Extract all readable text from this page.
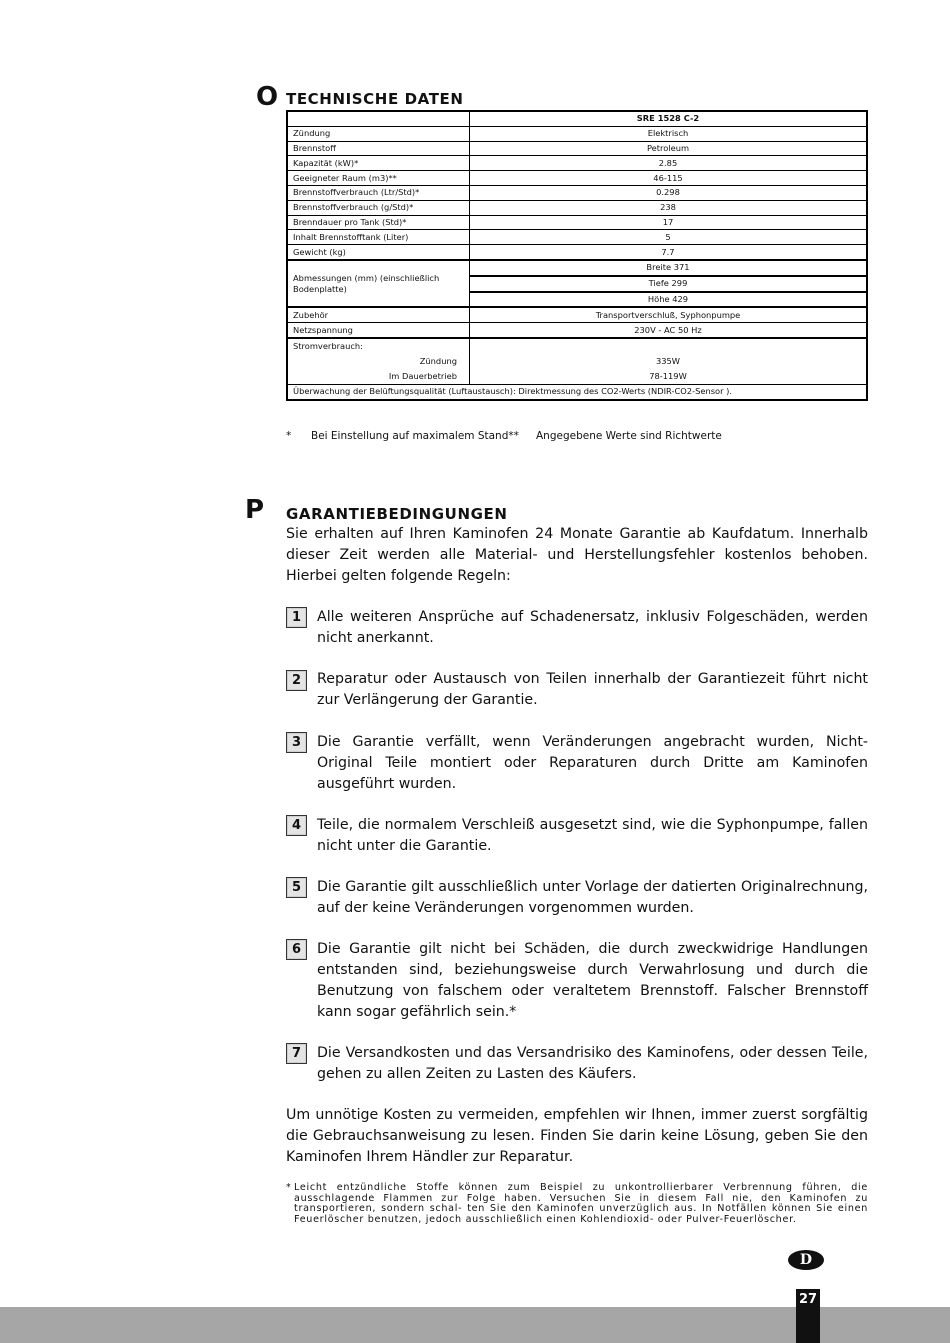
O TECHNISCHE DATEN
	SRE 1528 C-2
Zündung	Elektrisch
Brennstoff	Petroleum
Kapazität (kW)*	2.85
Geeigneter Raum (m3)**	46-115
Brennstoffverbrauch (Ltr/Std)*	0.298
Brennstoffverbrauch (g/Std)*	238
Brenndauer pro Tank (Std)*	17
Inhalt Brennstofftank (Liter)	5
Gewicht (kg)	7.7
Abmessungen (mm) (einschließlich Bodenplatte)	Breite 371
	Tiefe 299
	Höhe 429
Zubehör	Transportverschluß, Syphonpumpe
Netzspannung	230V - AC 50 Hz
Stromverbrauch:	
Zündung	335W
Im Dauerbetrieb	78-119W
Überwachung der Belüftungsqualität (Luftaustausch): Direktmessung des CO2-Werts (NDIR-CO2-Sensor ).	
* Bei Einstellung auf maximalem Stand** Angegebene Werte sind Richtwerte
P GARANTIEBEDINGUNGEN
Sie erhalten auf Ihren Kaminofen 24 Monate Garantie ab Kaufdatum. Innerhalb dieser Zeit werden alle Material- und Herstellungsfehler kostenlos behoben. Hierbei gelten folgende Regeln:
1	Alle weiteren Ansprüche auf Schadenersatz, inklusiv Folgeschäden, werden nicht anerkannt.
2	Reparatur oder Austausch von Teilen innerhalb der Garantiezeit führt nicht zur Verlängerung der Garantie.
3	Die Garantie verfällt, wenn Veränderungen angebracht wurden, Nicht- Original Teile montiert oder Reparaturen durch Dritte am Kaminofen ausgeführt wurden.
4	Teile, die normalem Verschleiß ausgesetzt sind, wie die Syphonpumpe, fallen nicht unter die Garantie.
5	Die Garantie gilt ausschließlich unter Vorlage der datierten Originalrechnung, auf der keine Veränderungen vorgenommen wurden.
6	Die Garantie gilt nicht bei Schäden, die durch zweckwidrige Handlungen entstanden sind, beziehungsweise durch Verwahrlosung und durch die Benutzung von falschem oder veraltetem Brennstoff. Falscher Brennstoff kann sogar gefährlich sein.*
7	Die Versandkosten und das Versandrisiko des Kaminofens, oder dessen Teile, gehen zu allen Zeiten zu Lasten des Käufers.
Um unnötige Kosten zu vermeiden, empfehlen wir Ihnen, immer zuerst sorgfältig die Gebrauchsanweisung zu lesen. Finden Sie darin keine Lösung, geben Sie den Kaminofen Ihrem Händler zur Reparatur.
* Leicht entzündliche Stoffe können zum Beispiel zu unkontrollierbarer Verbrennung führen, die ausschlagende Flammen zur Folge haben. Versuchen Sie in diesem Fall nie, den Kaminofen zu transportieren, sondern schal- ten Sie den Kaminofen unverzüglich aus. In Notfällen können Sie einen Feuerlöscher benutzen, jedoch ausschließlich einen Kohlendioxid- oder Pulver-Feuerlöscher.
D
27
